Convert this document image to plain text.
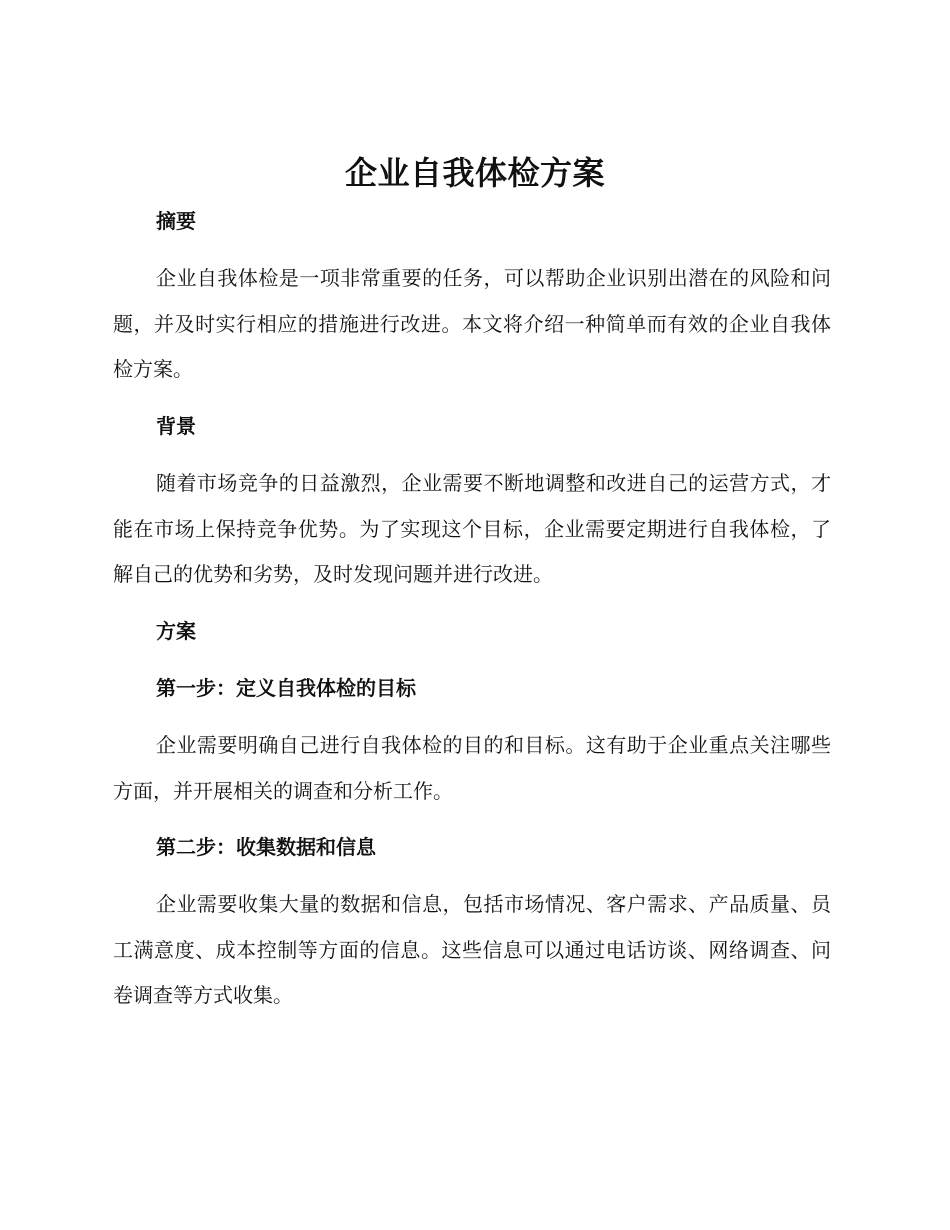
企业自我体检方案
摘要
企业自我体检是一项非常重要的任务，可以帮助企业识别出潜在的风险和问题，并及时实行相应的措施进行改进。本文将介绍一种简单而有效的企业自我体检方案。
背景
随着市场竞争的日益激烈，企业需要不断地调整和改进自己的运营方式，才能在市场上保持竞争优势。为了实现这个目标，企业需要定期进行自我体检，了解自己的优势和劣势，及时发现问题并进行改进。
方案
第一步：定义自我体检的目标
企业需要明确自己进行自我体检的目的和目标。这有助于企业重点关注哪些方面，并开展相关的调查和分析工作。
第二步：收集数据和信息
企业需要收集大量的数据和信息，包括市场情况、客户需求、产品质量、员工满意度、成本控制等方面的信息。这些信息可以通过电话访谈、网络调查、问卷调查等方式收集。
